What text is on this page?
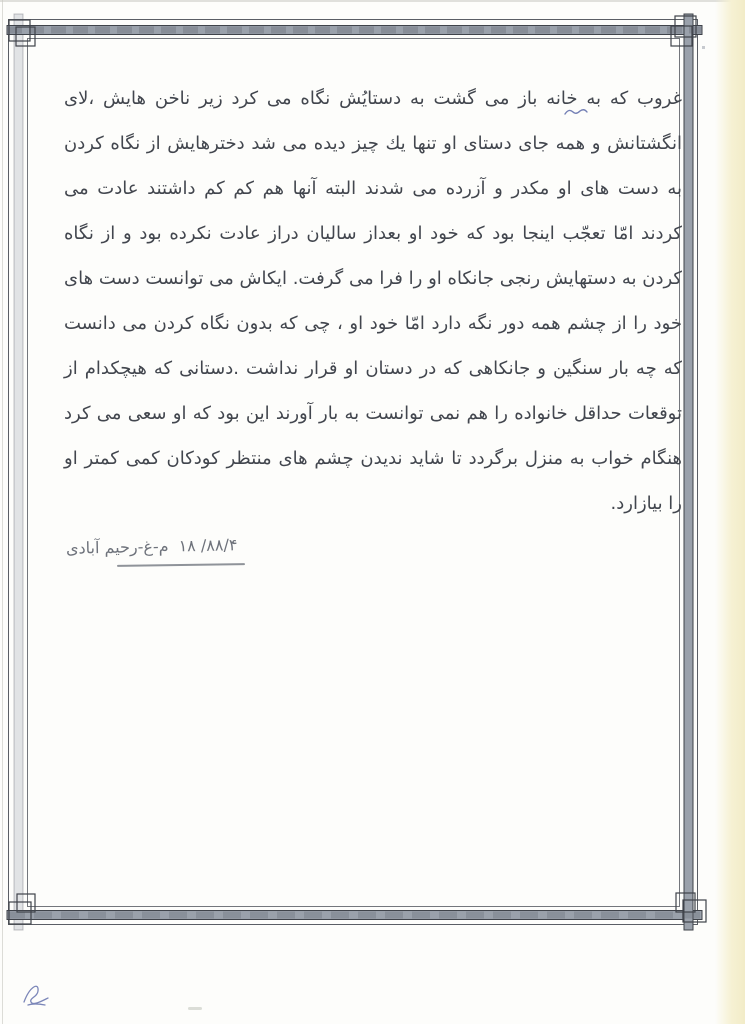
غروب كه به خانه باز می گشت به دستایُش نگاه می كرد زیر ناخن هایش ،لای
انگشتانش و همه جای دستای او تنها یك چیز دیده می شد دخترهایش از نگاه كردن
به دست های او مكدر و آزرده می شدند البته آنها هم كم كم داشتند عادت می
كردند امّا تعجّب اینجا بود كه خود او بعداز سالیان دراز عادت نكرده بود و از نگاه
كردن به دستهایش رنجی جانكاه او را فرا می گرفت. ایكاش می توانست دست های
خود را از چشم همه دور نگه دارد امّا خود او ، چی كه بدون نگاه كردن می دانست
كه چه بار سنگین و جانكاهی كه در دستان او قرار نداشت .دستانی كه هیچكدام از
توقعات حداقل خانواده را هم نمی توانست به بار آورند این بود كه او سعی می كرد
هنگام خواب به منزل برگردد تا شاید ندیدن چشم های منتظر كودكان كمی كمتر او
را بیازارد.
۸۸/۴/ ۱۸م-غ-رحیم آبادی
